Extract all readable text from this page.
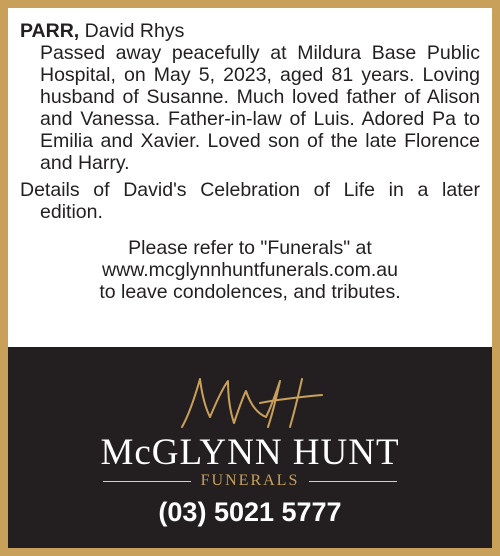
PARR, David Rhys

Passed away peacefully at Mildura Base Public Hospital, on May 5, 2023, aged 81 years. Loving husband of Susanne. Much loved father of Alison and Vanessa. Father-in-law of Luis. Adored Pa to Emilia and Xavier. Loved son of the late Florence and Harry.

Details of David's Celebration of Life in a later edition.

Please refer to "Funerals" at
www.mcglynnhuntfunerals.com.au
to leave condolences, and tributes.
McGLYNN HUNT
FUNERALS
(03) 5021 5777
